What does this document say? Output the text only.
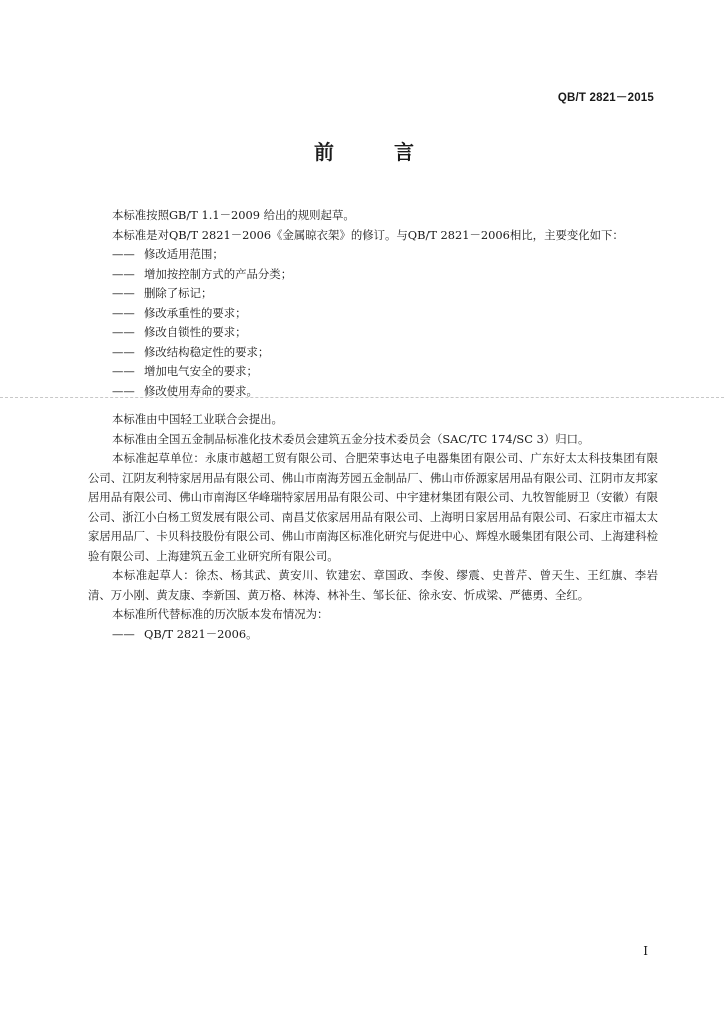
QB/T 2821－2015
前　言

本标准按照GB/T 1.1－2009 给出的规则起草。

本标准是对QB/T 2821－2006《金属晾衣架》的修订。与QB/T 2821－2006相比，主要变化如下：

—— 修改适用范围；

—— 增加按控制方式的产品分类；

—— 删除了标记；

—— 修改承重性的要求；

—— 修改自锁性的要求；

—— 修改结构稳定性的要求；

—— 增加电气安全的要求；

—— 修改使用寿命的要求。

本标准由中国轻工业联合会提出。

本标准由全国五金制品标准化技术委员会建筑五金分技术委员会（SAC/TC 174/SC 3）归口。

本标准起草单位：永康市越超工贸有限公司、合肥荣事达电子电器集团有限公司、广东好太太科技集团有限公司、江阴友利特家居用品有限公司、佛山市南海芳园五金制品厂、佛山市侨源家居用品有限公司、江阴市友邦家居用品有限公司、佛山市南海区华峰瑞特家居用品有限公司、中宇建材集团有限公司、九牧智能厨卫（安徽）有限公司、浙江小白杨工贸发展有限公司、南昌艾依家居用品有限公司、上海明日家居用品有限公司、石家庄市福太太家居用品厂、卡贝科技股份有限公司、佛山市南海区标准化研究与促进中心、辉煌水暖集团有限公司、上海建科检验有限公司、上海建筑五金工业研究所有限公司。

本标准起草人：徐杰、杨其武、黄安川、钦建宏、章国政、李俊、缪震、史普芹、曾天生、王红旗、李岩清、万小刚、黄友康、李新国、黄万格、林涛、林补生、邹长征、徐永安、忻成梁、严德勇、全红。

本标准所代替标准的历次版本发布情况为：

—— QB/T 2821－2006。

I
